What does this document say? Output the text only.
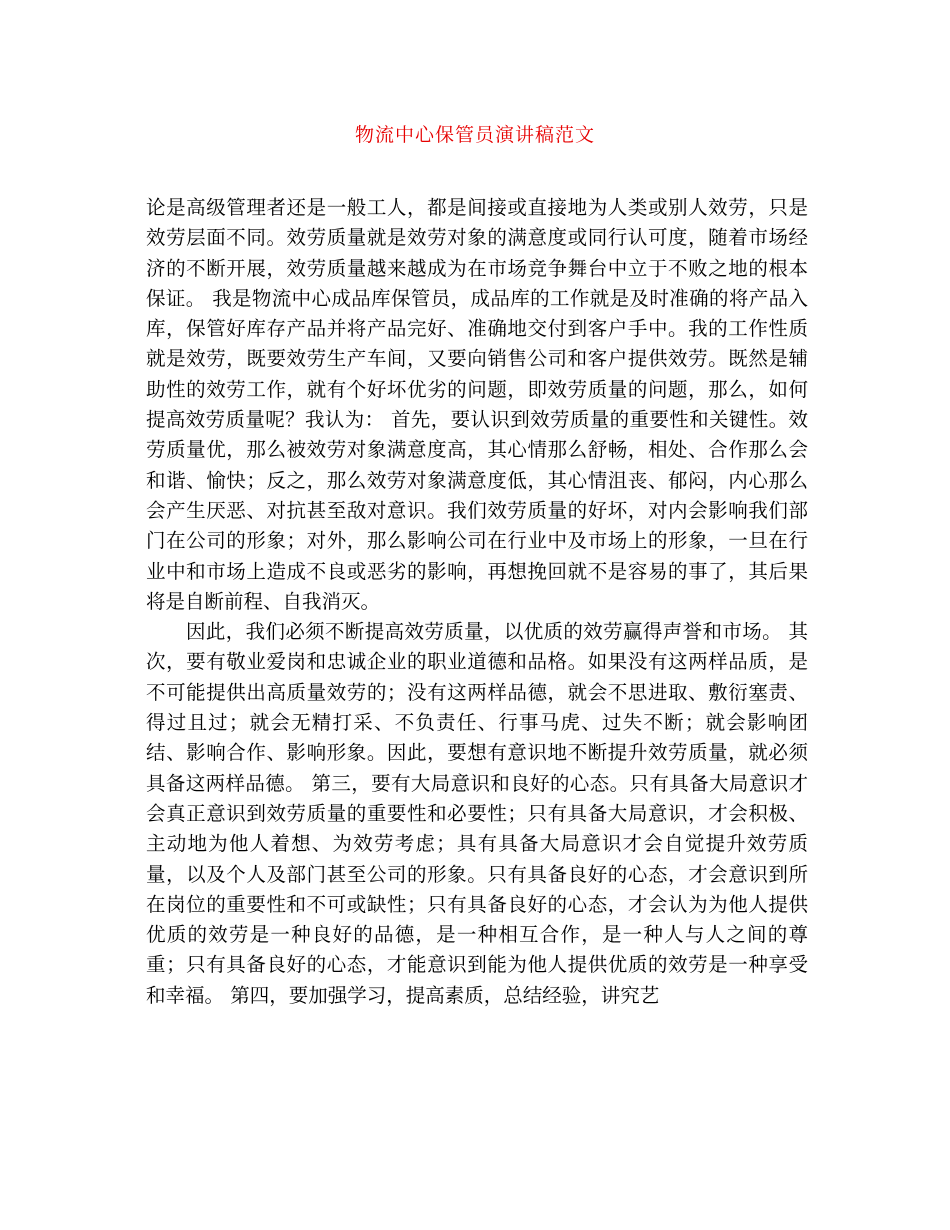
物流中心保管员演讲稿范文

论是高级管理者还是一般工人，都是间接或直接地为人类或别人效劳，只是效劳层面不同。效劳质量就是效劳对象的满意度或同行认可度，随着市场经济的不断开展，效劳质量越来越成为在市场竞争舞台中立于不败之地的根本保证。 我是物流中心成品库保管员，成品库的工作就是及时准确的将产品入库，保管好库存产品并将产品完好、准确地交付到客户手中。我的工作性质就是效劳，既要效劳生产车间，又要向销售公司和客户提供效劳。既然是辅助性的效劳工作，就有个好坏优劣的问题，即效劳质量的问题，那么，如何提高效劳质量呢？我认为： 首先，要认识到效劳质量的重要性和关键性。效劳质量优，那么被效劳对象满意度高，其心情那么舒畅，相处、合作那么会和谐、愉快；反之，那么效劳对象满意度低，其心情沮丧、郁闷，内心那么会产生厌恶、对抗甚至敌对意识。我们效劳质量的好坏，对内会影响我们部门在公司的形象；对外，那么影响公司在行业中及市场上的形象，一旦在行业中和市场上造成不良或恶劣的影响，再想挽回就不是容易的事了，其后果将是自断前程、自我消灭。

因此，我们必须不断提高效劳质量，以优质的效劳赢得声誉和市场。 其次，要有敬业爱岗和忠诚企业的职业道德和品格。如果没有这两样品质，是不可能提供出高质量效劳的；没有这两样品德，就会不思进取、敷衍塞责、得过且过；就会无精打采、不负责任、行事马虎、过失不断；就会影响团结、影响合作、影响形象。因此，要想有意识地不断提升效劳质量，就必须具备这两样品德。 第三，要有大局意识和良好的心态。只有具备大局意识才会真正意识到效劳质量的重要性和必要性；只有具备大局意识，才会积极、主动地为他人着想、为效劳考虑；具有具备大局意识才会自觉提升效劳质量，以及个人及部门甚至公司的形象。只有具备良好的心态，才会意识到所在岗位的重要性和不可或缺性；只有具备良好的心态，才会认为为他人提供优质的效劳是一种良好的品德，是一种相互合作，是一种人与人之间的尊重；只有具备良好的心态，才能意识到能为他人提供优质的效劳是一种享受和幸福。 第四，要加强学习，提高素质，总结经验，讲究艺
